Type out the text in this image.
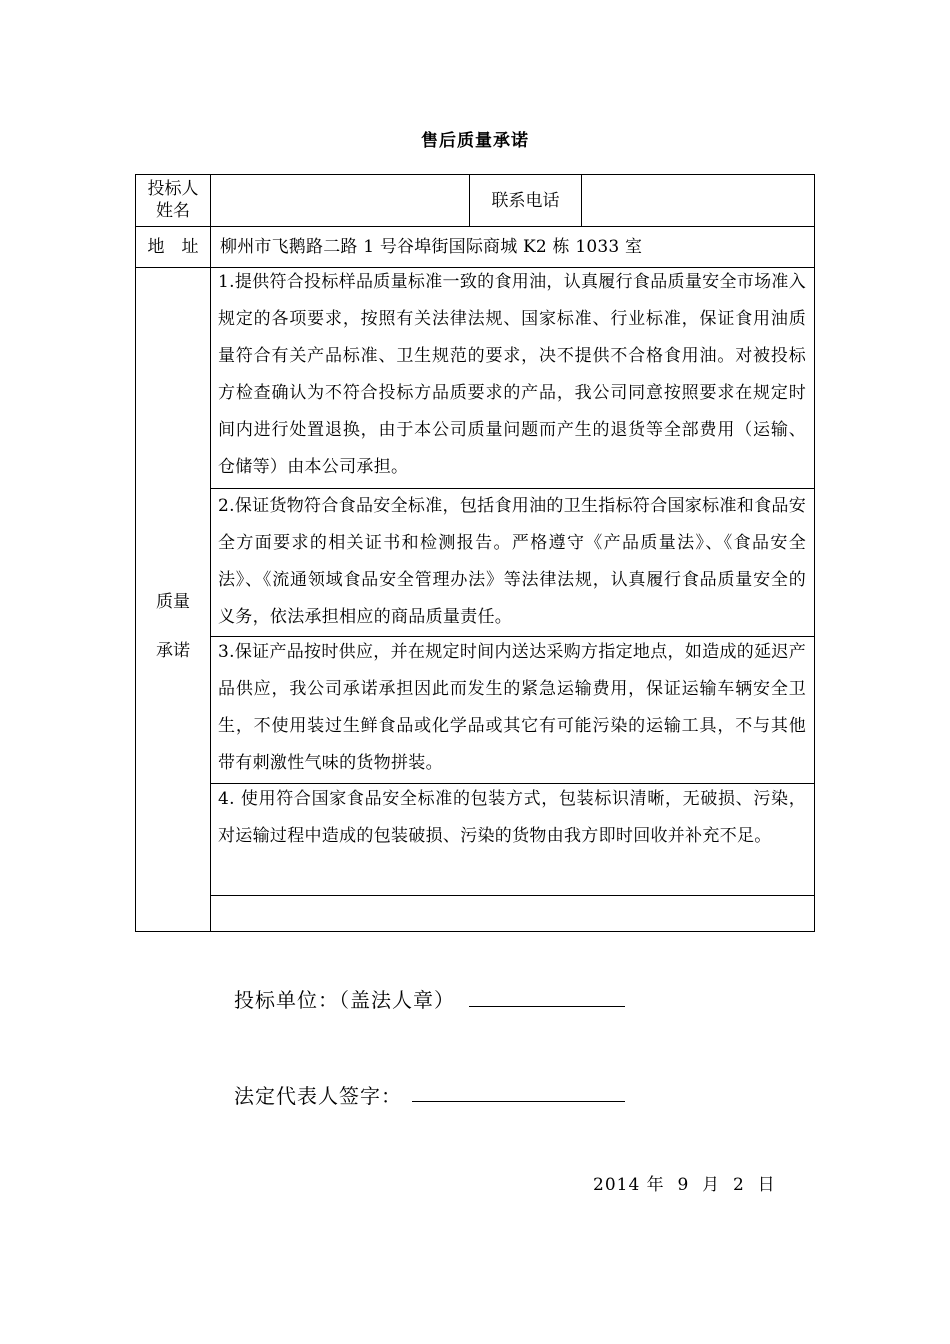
售后质量承诺
投标人
姓名	联系电话
地　址	柳州市飞鹅路二路 1 号谷埠街国际商城 K2 栋 1033 室
质量
承诺
1.提供符合投标样品质量标准一致的食用油，认真履行食品质量安全市场准入规定的各项要求，按照有关法律法规、国家标准、行业标准，保证食用油质量符合有关产品标准、卫生规范的要求，决不提供不合格食用油。对被投标方检查确认为不符合投标方品质要求的产品，我公司同意按照要求在规定时间内进行处置退换，由于本公司质量问题而产生的退货等全部费用（运输、仓储等）由本公司承担。
2.保证货物符合食品安全标准，包括食用油的卫生指标符合国家标准和食品安全方面要求的相关证书和检测报告。严格遵守《产品质量法》、《食品安全法》、《流通领域食品安全管理办法》等法律法规，认真履行食品质量安全的义务，依法承担相应的商品质量责任。
3.保证产品按时供应，并在规定时间内送达采购方指定地点，如造成的延迟产品供应，我公司承诺承担因此而发生的紧急运输费用，保证运输车辆安全卫生，不使用装过生鲜食品或化学品或其它有可能污染的运输工具，不与其他带有刺激性气味的货物拼装。
4. 使用符合国家食品安全标准的包装方式，包装标识清晰，无破损、污染，对运输过程中造成的包装破损、污染的货物由我方即时回收并补充不足。
投标单位：（盖法人章）
法定代表人签字：
2014 年 9 月 2 日
